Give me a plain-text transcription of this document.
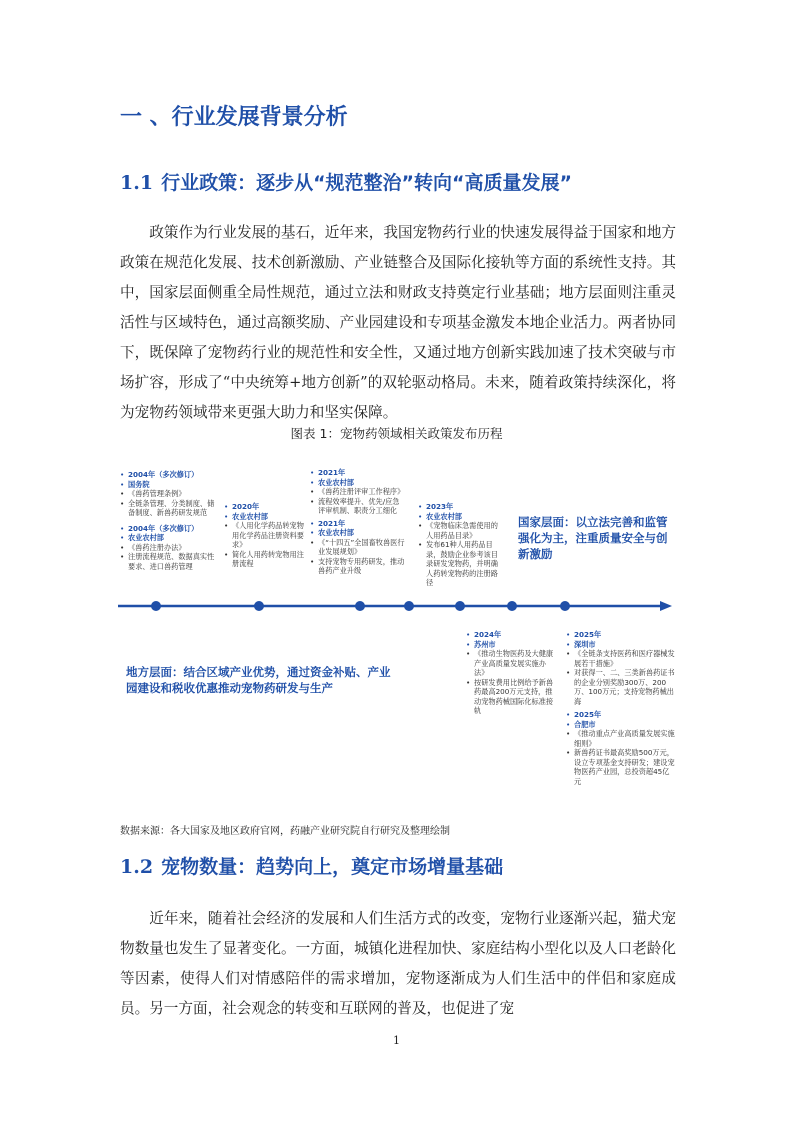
一 、行业发展背景分析
1.1 行业政策：逐步从“规范整治”转向“高质量发展”

政策作为行业发展的基石，近年来，我国宠物药行业的快速发展得益于国家和地方政策在规范化发展、技术创新激励、产业链整合及国际化接轨等方面的系统性支持。其中，国家层面侧重全局性规范，通过立法和财政支持奠定行业基础；地方层面则注重灵活性与区域特色，通过高额奖励、产业园建设和专项基金激发本地企业活力。两者协同下，既保障了宠物药行业的规范性和安全性，又通过地方创新实践加速了技术突破与市场扩容，形成了“中央统筹+地方创新”的双轮驱动格局。未来，随着政策持续深化，将为宠物药领域带来更强大助力和坚实保障。

图表 1：宠物药领域相关政策发布历程

• 2004年（多次修订）
• 国务院
• 《兽药管理条例》
• 全链条管理、分类制度、储备制度、新兽药研发规范
• 2004年（多次修订）
• 农业农村部
• 《兽药注册办法》
• 注册流程规范、数据真实性要求、进口兽药管理
• 2020年
• 农业农村部
• 《人用化学药品转宠物用化学药品注册资料要求》
• 简化人用药转宠物用注册流程
• 2021年
• 农业农村部
• 《兽药注册评审工作程序》
• 流程效率提升、优先/应急评审机制、职责分工细化
• 2021年
• 农业农村部
• 《“十四五”全国畜牧兽医行业发展规划》
• 支持宠物专用药研发，推动兽药产业升级
• 2023年
• 农业农村部
• 《宠物临床急需使用的人用药品目录》
• 发布61种人用药品目录，鼓励企业参考该目录研发宠物药，并明确人药转宠物药的注册路径
国家层面：以立法完善和监管强化为主，注重质量安全与创新激励
地方层面：结合区域产业优势，通过资金补贴、产业园建设和税收优惠推动宠物药研发与生产
• 2024年
• 苏州市
• 《推动生物医药及大健康产业高质量发展实施办法》
• 按研发费用比例给予新兽药最高200万元支持，推动宠物药械国际化标准接轨
• 2025年
• 深圳市
• 《全链条支持医药和医疗器械发展若干措施》
• 对获得一、二、三类新兽药证书的企业分别奖励300万、200万、100万元；支持宠物药械出海
• 2025年
• 合肥市
• 《推动重点产业高质量发展实施细则》
• 新兽药证书最高奖励500万元，设立专项基金支持研发；建设宠物医药产业园，总投资超45亿元

数据来源：各大国家及地区政府官网，药融产业研究院自行研究及整理绘制

1.2 宠物数量：趋势向上，奠定市场增量基础

近年来，随着社会经济的发展和人们生活方式的改变，宠物行业逐渐兴起，猫犬宠物数量也发生了显著变化。一方面，城镇化进程加快、家庭结构小型化以及人口老龄化等因素，使得人们对情感陪伴的需求增加，宠物逐渐成为人们生活中的伴侣和家庭成员。另一方面，社会观念的转变和互联网的普及，也促进了宠

1
